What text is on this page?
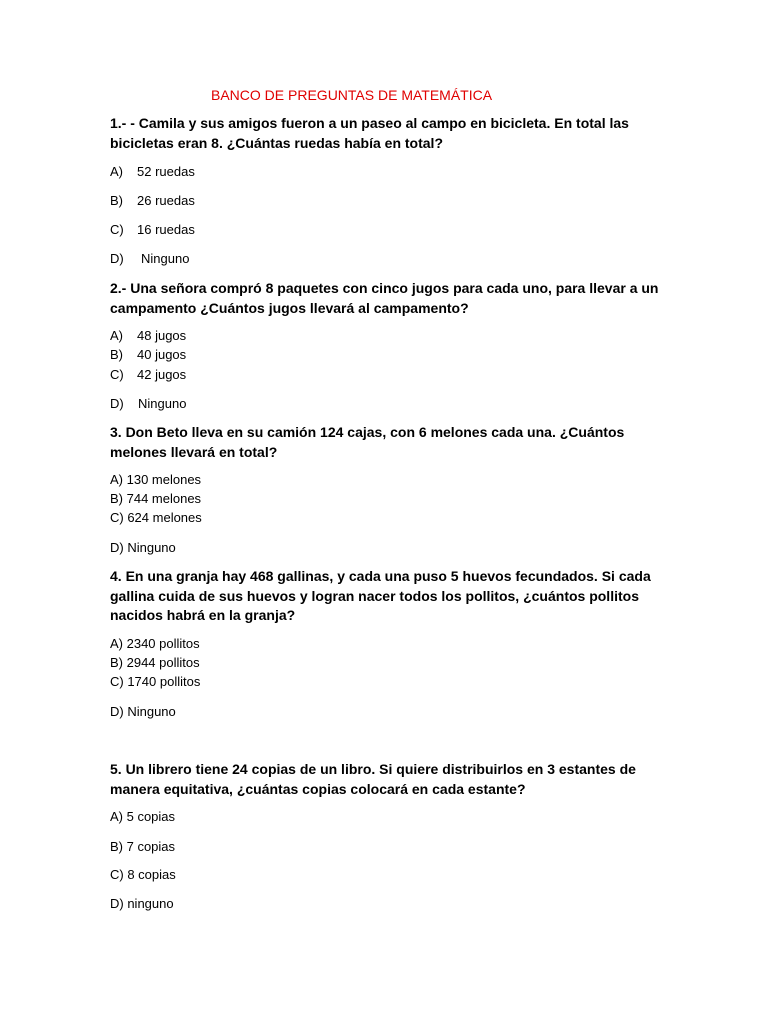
BANCO DE PREGUNTAS DE MATEMÁTICA

1.- - Camila y sus amigos fueron a un paseo al campo en bicicleta. En total las bicicletas eran 8. ¿Cuántas ruedas había en total?

A) 52 ruedas

B) 26 ruedas

C) 16 ruedas

D) Ninguno

2.- Una señora compró 8 paquetes con cinco jugos para cada uno, para llevar a un campamento ¿Cuántos jugos llevará al campamento?

A) 48 jugos

B) 40 jugos

C) 42 jugos

D) Ninguno

3. Don Beto lleva en su camión 124 cajas, con 6 melones cada una. ¿Cuántos melones llevará en total?

A) 130 melones

B) 744 melones

C) 624 melones

D) Ninguno

4. En una granja hay 468 gallinas, y cada una puso 5 huevos fecundados. Si cada gallina cuida de sus huevos y logran nacer todos los pollitos, ¿cuántos pollitos nacidos habrá en la granja?

A) 2340 pollitos

B) 2944 pollitos

C) 1740 pollitos

D) Ninguno

5. Un librero tiene 24 copias de un libro. Si quiere distribuirlos en 3 estantes de manera equitativa, ¿cuántas copias colocará en cada estante?

A) 5 copias

B) 7 copias

C) 8 copias

D) ninguno
